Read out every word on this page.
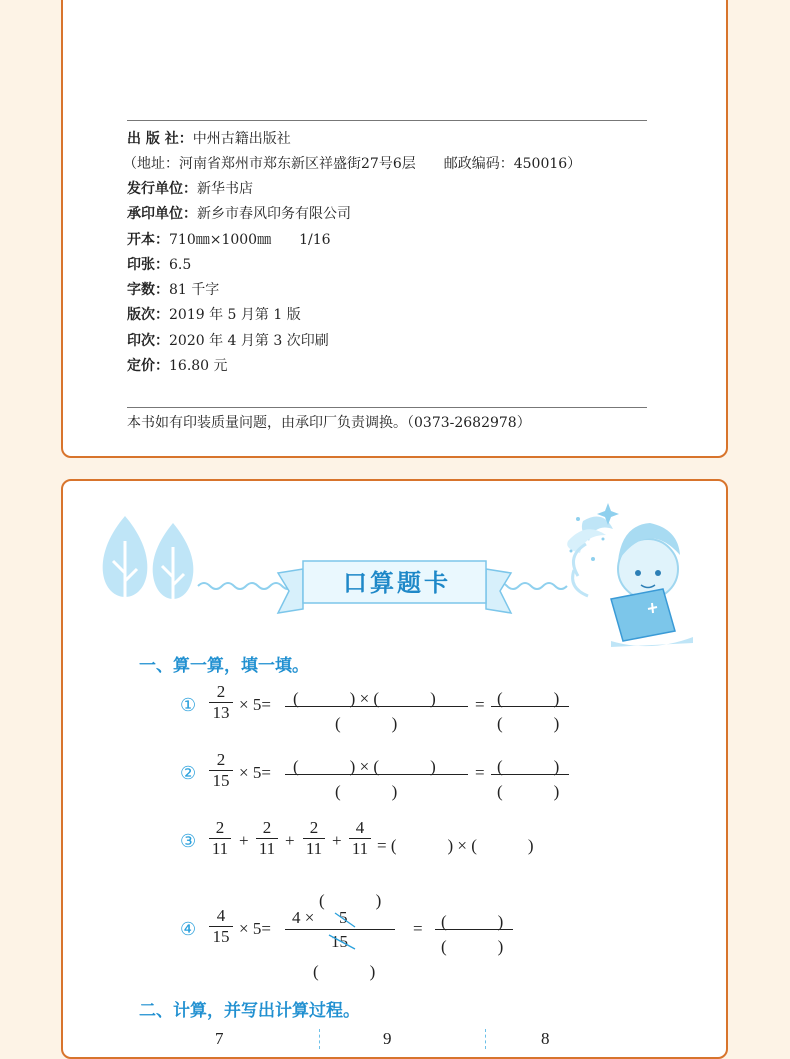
出 版 社：中州古籍出版社
（地址：河南省郑州市郑东新区祥盛街27号6层　　邮政编码：450016）
发行单位：新华书店
承印单位：新乡市春风印务有限公司
开本：710㎜×1000㎜　　1/16
印张：6.5
字数：81 千字
版次：2019 年 5 月第 1 版
印次：2020 年 4 月第 3 次印刷
定价：16.80 元
本书如有印装质量问题，由承印厂负责调换。（0373-2682978）
口算题卡
一、算一算，填一填。
①
2
13 × 5= (　　　) × (　　　)
(　　　)
= (　　　)
(　　　)
②
2
15 × 5= (　　　) × (　　　)
(　　　)
= (　　　)
(　　　)
③
2
11 +
2
11 +
2
11 +
4
11 = (　　　) × (　　　)
(　　　)
④
4
15 × 5=
4 × 5
15
(　　　)
= (　　　)
(　　　)
二、计算，并写出计算过程。
7	9	8
